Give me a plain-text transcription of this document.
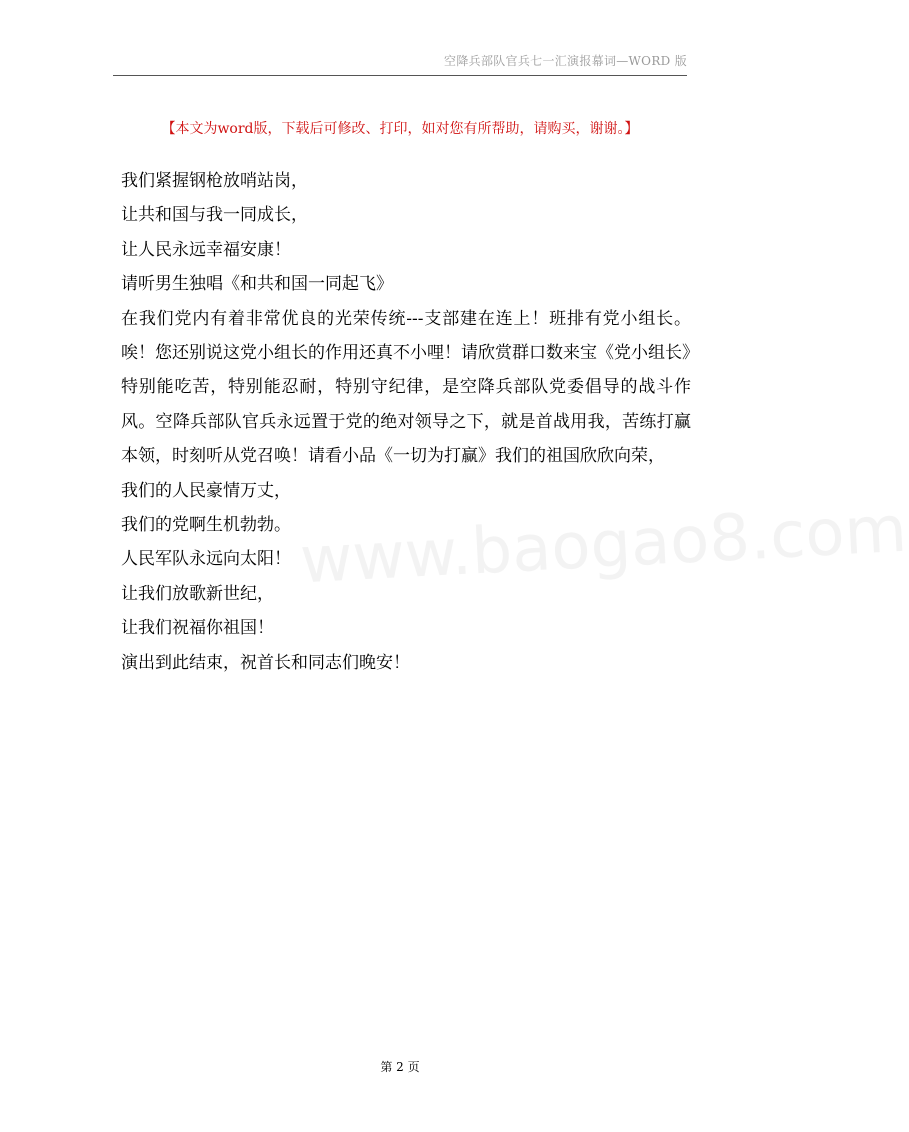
空降兵部队官兵七一汇演报幕词—WORD 版
【本文为word版，下载后可修改、打印，如对您有所帮助，请购买，谢谢。】
我们紧握钢枪放哨站岗，
让共和国与我一同成长，
让人民永远幸福安康！
请听男生独唱《和共和国一同起飞》
在我们党内有着非常优良的光荣传统---支部建在连上！班排有党小组长。唉！您还别说这党小组长的作用还真不小哩！请欣赏群口数来宝《党小组长》
特别能吃苦，特别能忍耐，特别守纪律，是空降兵部队党委倡导的战斗作风。空降兵部队官兵永远置于党的绝对领导之下，就是首战用我，苦练打赢本领，时刻听从党召唤！请看小品《一切为打赢》我们的祖国欣欣向荣，
我们的人民豪情万丈，
我们的党啊生机勃勃。
人民军队永远向太阳！
让我们放歌新世纪，
让我们祝福你祖国！
演出到此结束，祝首长和同志们晚安！
www.baogao8.com
第 2 页
